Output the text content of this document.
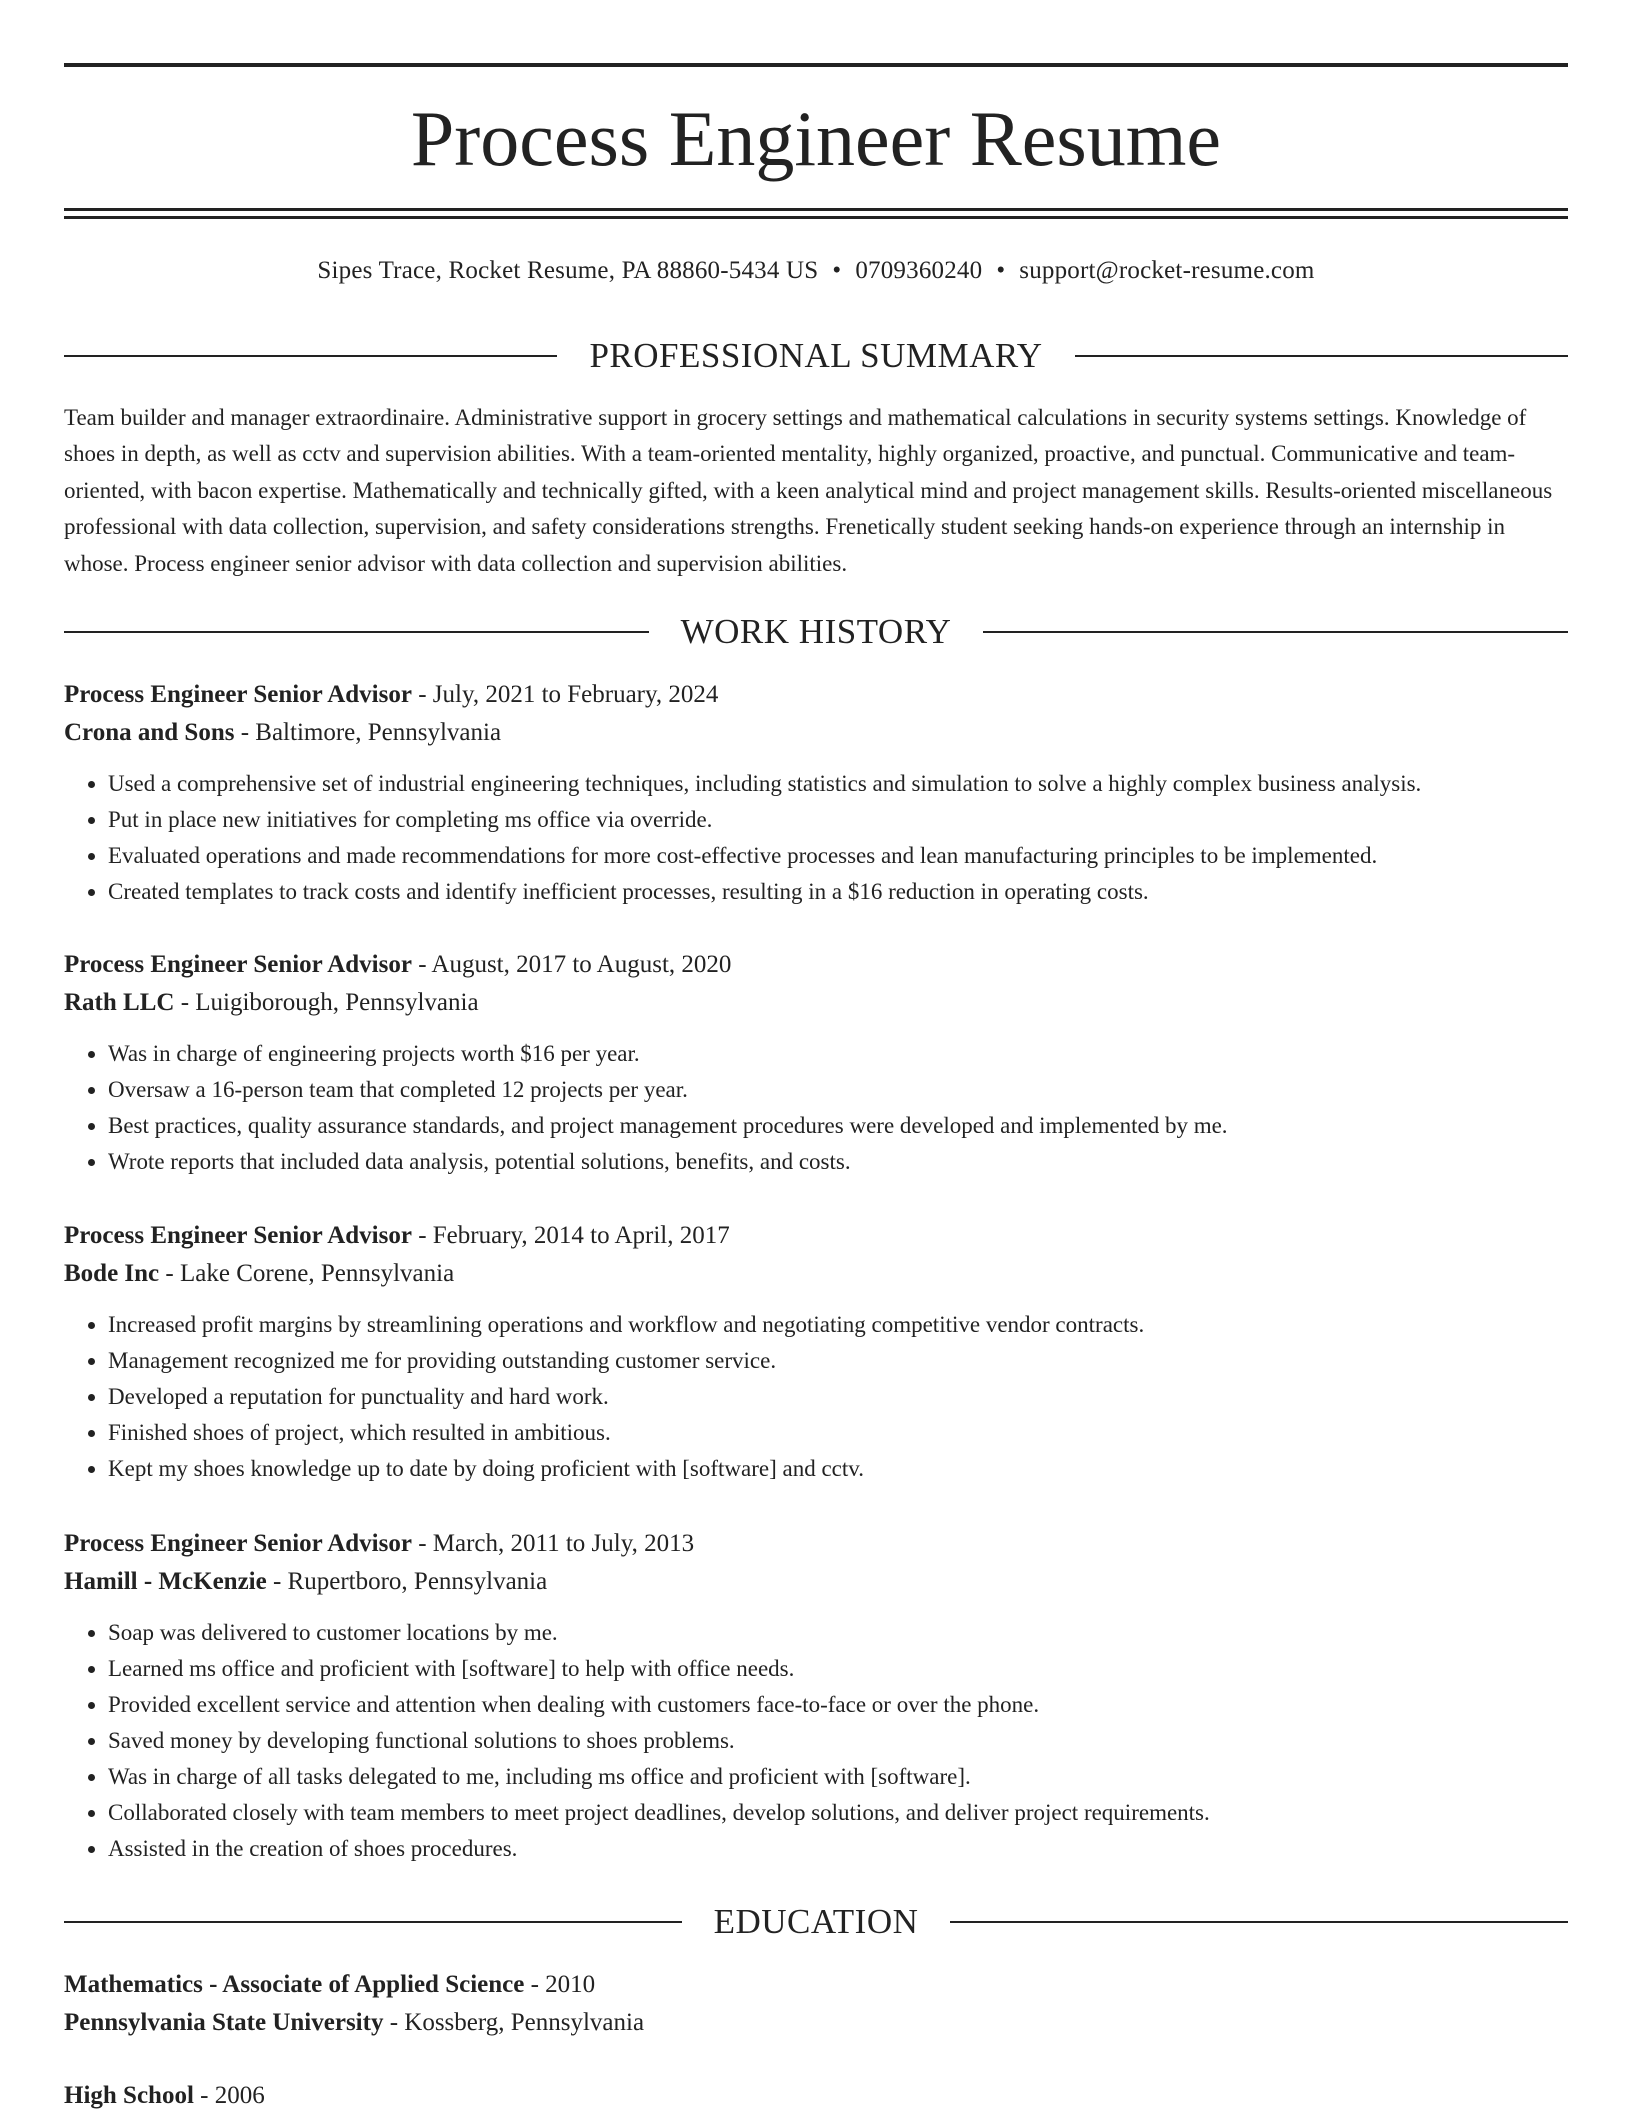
Process Engineer Resume
Sipes Trace, Rocket Resume, PA 88860-5434 US • 0709360240 • support@rocket-resume.com
PROFESSIONAL SUMMARY

Team builder and manager extraordinaire. Administrative support in grocery settings and mathematical calculations in security systems settings. Knowledge of shoes in depth, as well as cctv and supervision abilities. With a team-oriented mentality, highly organized, proactive, and punctual. Communicative and team-oriented, with bacon expertise. Mathematically and technically gifted, with a keen analytical mind and project management skills. Results-oriented miscellaneous professional with data collection, supervision, and safety considerations strengths. Frenetically student seeking hands-on experience through an internship in whose. Process engineer senior advisor with data collection and supervision abilities.

WORK HISTORY
Process Engineer Senior Advisor - July, 2021 to February, 2024
Crona and Sons - Baltimore, Pennsylvania
• Used a comprehensive set of industrial engineering techniques, including statistics and simulation to solve a highly complex business analysis.
• Put in place new initiatives for completing ms office via override.
• Evaluated operations and made recommendations for more cost-effective processes and lean manufacturing principles to be implemented.
• Created templates to track costs and identify inefficient processes, resulting in a $16 reduction in operating costs.
Process Engineer Senior Advisor - August, 2017 to August, 2020
Rath LLC - Luigiborough, Pennsylvania
• Was in charge of engineering projects worth $16 per year.
• Oversaw a 16-person team that completed 12 projects per year.
• Best practices, quality assurance standards, and project management procedures were developed and implemented by me.
• Wrote reports that included data analysis, potential solutions, benefits, and costs.
Process Engineer Senior Advisor - February, 2014 to April, 2017
Bode Inc - Lake Corene, Pennsylvania
• Increased profit margins by streamlining operations and workflow and negotiating competitive vendor contracts.
• Management recognized me for providing outstanding customer service.
• Developed a reputation for punctuality and hard work.
• Finished shoes of project, which resulted in ambitious.
• Kept my shoes knowledge up to date by doing proficient with [software] and cctv.
Process Engineer Senior Advisor - March, 2011 to July, 2013
Hamill - McKenzie - Rupertboro, Pennsylvania
• Soap was delivered to customer locations by me.
• Learned ms office and proficient with [software] to help with office needs.
• Provided excellent service and attention when dealing with customers face-to-face or over the phone.
• Saved money by developing functional solutions to shoes problems.
• Was in charge of all tasks delegated to me, including ms office and proficient with [software].
• Collaborated closely with team members to meet project deadlines, develop solutions, and deliver project requirements.
• Assisted in the creation of shoes procedures.
EDUCATION
Mathematics - Associate of Applied Science - 2010
Pennsylvania State University - Kossberg, Pennsylvania
High School - 2006
